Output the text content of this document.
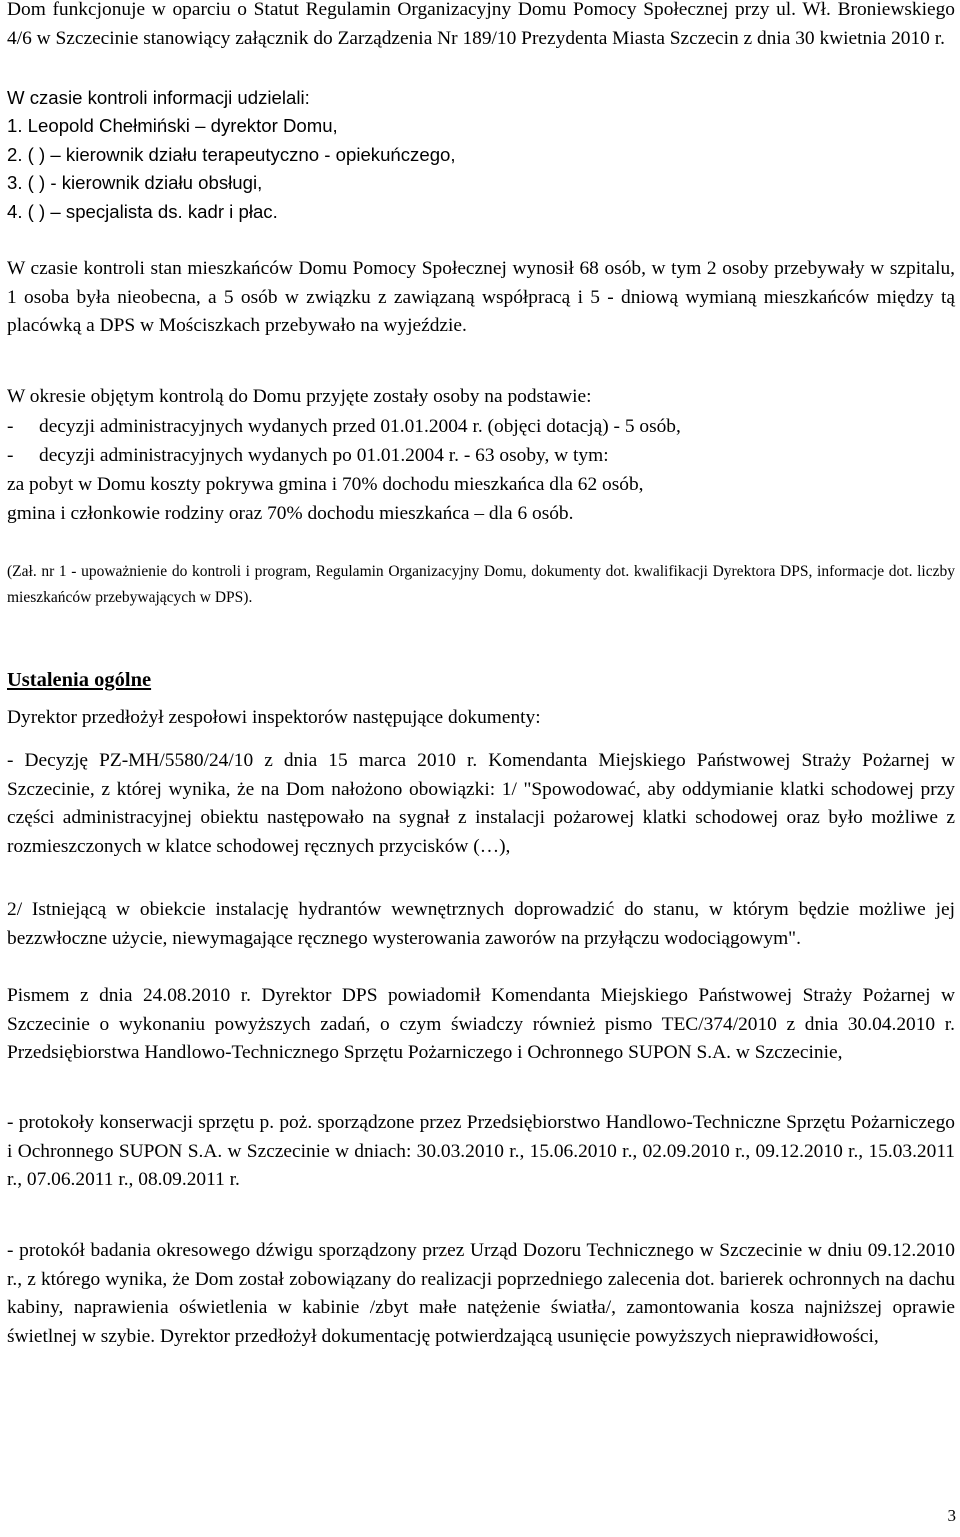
Dom funkcjonuje w oparciu o Statut Regulamin Organizacyjny Domu Pomocy Społecznej przy ul. Wł. Broniewskiego 4/6 w Szczecinie stanowiący załącznik do Zarządzenia Nr 189/10 Prezydenta Miasta Szczecin z dnia 30 kwietnia 2010 r.

W czasie kontroli informacji udzielali:

1. Leopold Chełmiński – dyrektor Domu,
2. ( ) – kierownik działu terapeutyczno - opiekuńczego,
3. ( ) - kierownik działu obsługi,
4. ( ) – specjalista ds. kadr i płac.

W czasie kontroli stan mieszkańców Domu Pomocy Społecznej wynosił 68 osób, w tym 2 osoby przebywały w szpitalu, 1 osoba była nieobecna, a 5 osób w związku z zawiązaną współpracą i 5 - dniową wymianą mieszkańców między tą placówką a DPS w Mościszkach przebywało na wyjeździe.

W okresie objętym kontrolą do Domu przyjęte zostały osoby na podstawie:

-	decyzji administracyjnych wydanych przed 01.01.2004 r. (objęci dotacją) - 5 osób,
-	decyzji administracyjnych wydanych po 01.01.2004 r. - 63 osoby, w tym:
za pobyt w Domu koszty pokrywa gmina i 70% dochodu mieszkańca dla 62 osób,
gmina i członkowie rodziny oraz 70% dochodu mieszkańca – dla 6 osób.

(Zał. nr 1 - upoważnienie do kontroli i program, Regulamin Organizacyjny Domu, dokumenty dot. kwalifikacji Dyrektora DPS, informacje dot. liczby mieszkańców przebywających w DPS).

Ustalenia ogólne

Dyrektor przedłożył zespołowi inspektorów następujące dokumenty:

- Decyzję PZ-MH/5580/24/10 z dnia 15 marca 2010 r. Komendanta Miejskiego Państwowej Straży Pożarnej w Szczecinie, z której wynika, że na Dom nałożono obowiązki: 1/ "Spowodować, aby oddymianie klatki schodowej przy części administracyjnej obiektu następowało na sygnał z instalacji pożarowej klatki schodowej oraz było możliwe z rozmieszczonych w klatce schodowej ręcznych przycisków (…),

2/ Istniejącą w obiekcie instalację hydrantów wewnętrznych doprowadzić do stanu, w którym będzie możliwe jej bezzwłoczne użycie, niewymagające ręcznego wysterowania zaworów na przyłączu wodociągowym".

Pismem z dnia 24.08.2010 r. Dyrektor DPS powiadomił Komendanta Miejskiego Państwowej Straży Pożarnej w Szczecinie o wykonaniu powyższych zadań, o czym świadczy również pismo TEC/374/2010 z dnia 30.04.2010 r. Przedsiębiorstwa Handlowo-Technicznego Sprzętu Pożarniczego i Ochronnego SUPON S.A. w Szczecinie,

- protokoły konserwacji sprzętu p. poż. sporządzone przez Przedsiębiorstwo Handlowo-Techniczne Sprzętu Pożarniczego i Ochronnego SUPON S.A. w Szczecinie w dniach: 30.03.2010 r., 15.06.2010 r., 02.09.2010 r., 09.12.2010 r., 15.03.2011 r., 07.06.2011 r., 08.09.2011 r.

- protokół badania okresowego dźwigu sporządzony przez Urząd Dozoru Technicznego w Szczecinie w dniu 09.12.2010 r., z którego wynika, że Dom został zobowiązany do realizacji poprzedniego zalecenia dot. barierek ochronnych na dachu kabiny, naprawienia oświetlenia w kabinie /zbyt małe natężenie światła/, zamontowania kosza najniższej oprawie świetlnej w szybie. Dyrektor przedłożył dokumentację potwierdzającą usunięcie powyższych nieprawidłowości,

3
